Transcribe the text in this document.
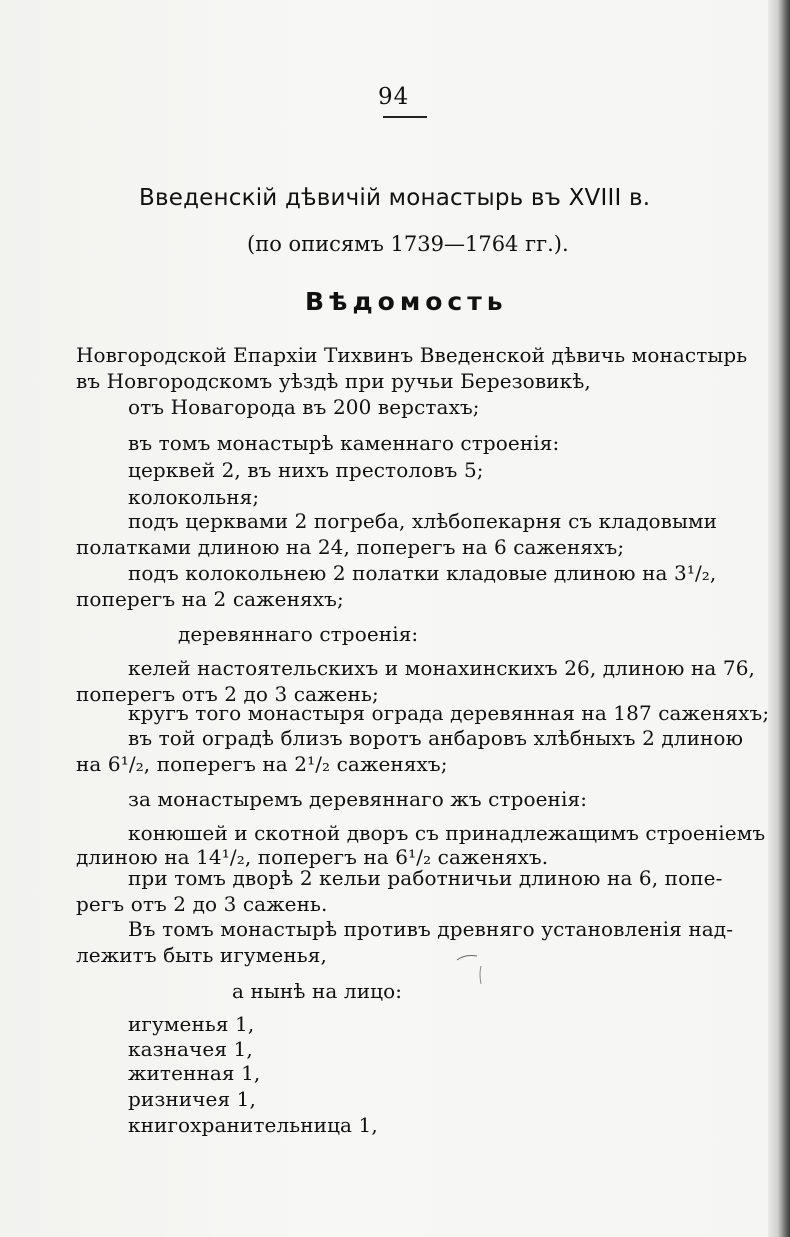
94
Введенскій дѣвичій монастырь въ XVIII в.
(по описямъ 1739—1764 гг.).
Вѣдомость
Новгородской Епархіи Тихвинъ Введенской дѣвичь монастырь
въ Новгородскомъ уѣздѣ при ручьи Березовикѣ,
отъ Новагорода въ 200 верстахъ;
въ томъ монастырѣ каменнаго строенія:
церквей 2, въ нихъ престоловъ 5;
колокольня;
подъ церквами 2 погреба, хлѣбопекарня съ кладовыми
полатками длиною на 24, поперегъ на 6 саженяхъ;
подъ колокольнею 2 полатки кладовые длиною на 3¹/₂,
поперегъ на 2 саженяхъ;
деревяннаго строенія:
келей настоятельскихъ и монахинскихъ 26, длиною на 76,
поперегъ отъ 2 до 3 сажень;
кругъ того монастыря ограда деревянная на 187 саженяхъ;
въ той оградѣ близъ воротъ анбаровъ хлѣбныхъ 2 длиною
на 6¹/₂, поперегъ на 2¹/₂ саженяхъ;
за монастыремъ деревяннаго жъ строенія:
конюшей и скотной дворъ съ принадлежащимъ строеніемъ
длиною на 14¹/₂, поперегъ на 6¹/₂ саженяхъ.
при томъ дворѣ 2 кельи работничьи длиною на 6, попе-
регъ отъ 2 до 3 сажень.
Въ томъ монастырѣ противъ древняго установленія над-
лежитъ быть игуменья,
а нынѣ на лицо:
игуменья 1,
казначея 1,
житенная 1,
ризничея 1,
книгохранительница 1,
